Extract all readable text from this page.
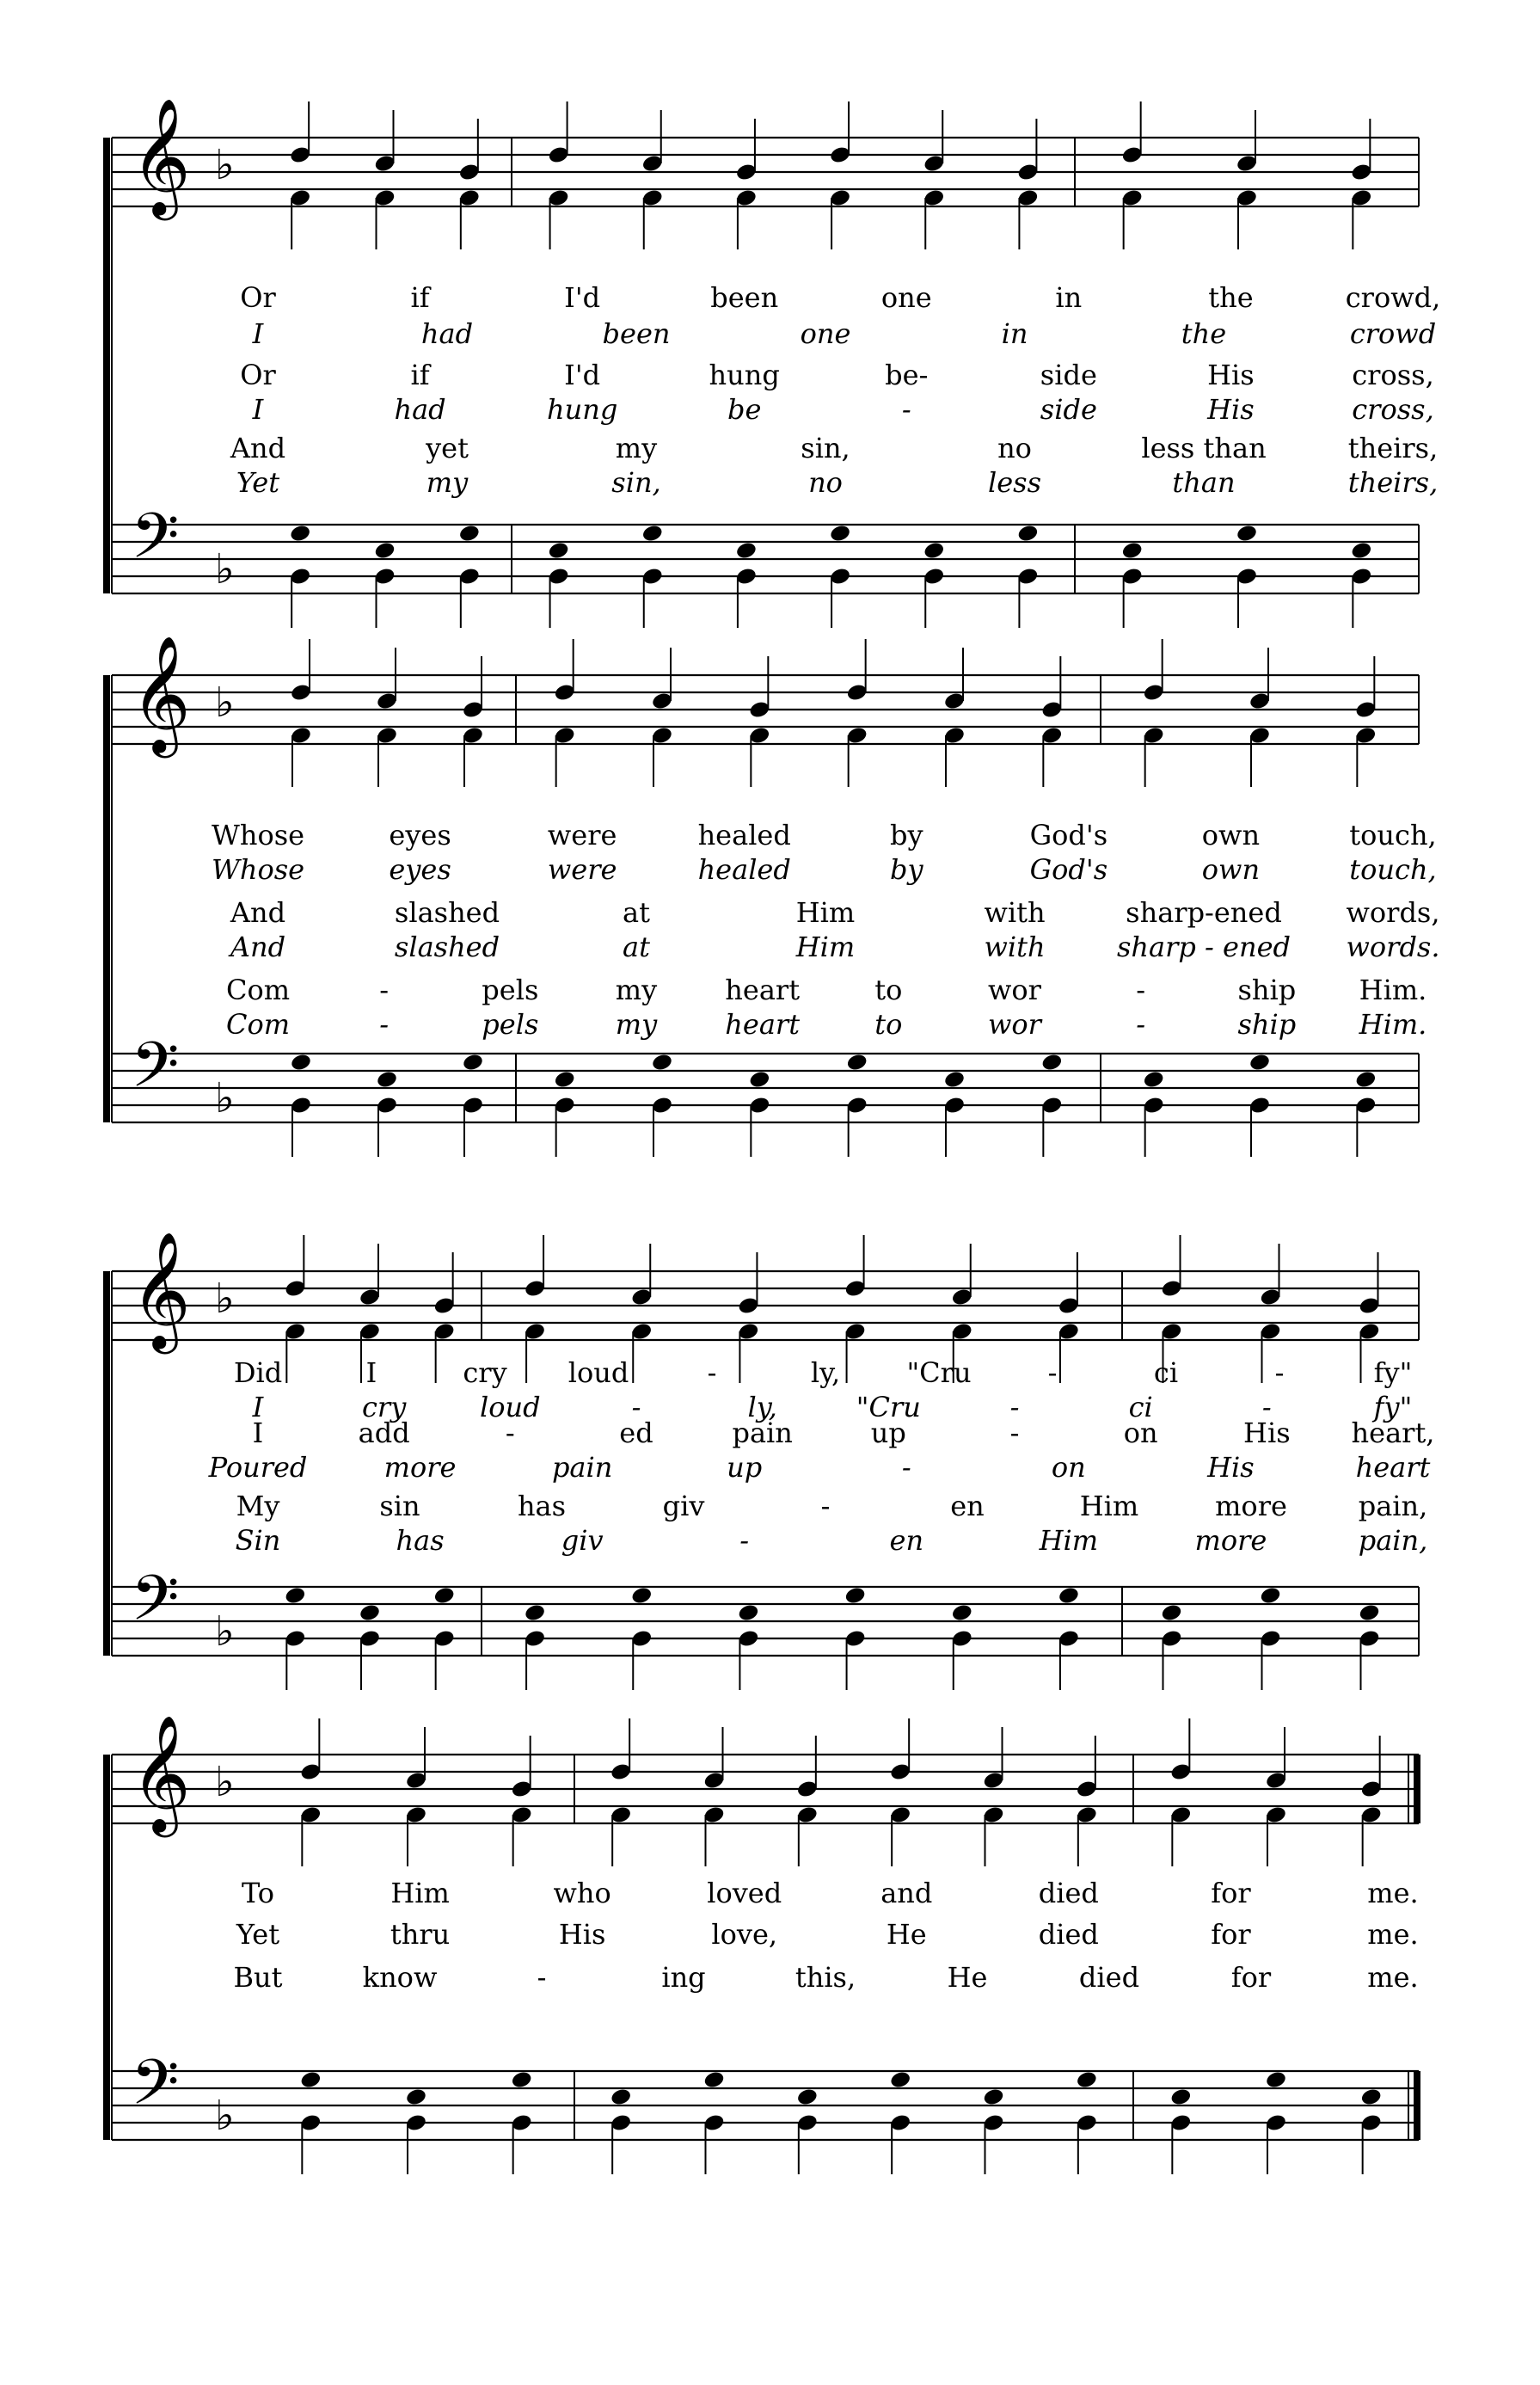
𝄞
𝄢
♭
♭
𝄞
𝄢
♭
♭
𝄞
𝄢
♭
♭
𝄞
𝄢
♭
♭
Or	if	I'd	been	one	in	the	crowd,
I	had	been	one	in	the	crowd
Or	if	I'd	hung	be-	side	His	cross,
I	had	hung	be	-	side	His	cross,
And	yet	my	sin,	no	less than	theirs,
Yet	my	sin,	no	less	than	theirs,
Whose	eyes	were	healed	by	God's	own	touch,
Whose	eyes	were	healed	by	God's	own	touch,
And	slashed	at	Him	with	sharp-ened words,
And	slashed	at	Him	with	sharp - ened words.
Com	-	pels	my heart	to	wor	-	ship Him.
Com	-	pels	my heart	to	wor	-	ship Him.
Did	I	cry loud	-	ly, "Cru	-	ci	-	fy"
I	cry	loud	-	ly,	"Cru	-	ci	-	fy"
I	add	-	ed	pain	up	-	on	His heart,
Poured	more	pain	up	-	on	His	heart
My	sin	has	giv	-	en	Him	more	pain,
Sin	has	giv	-	en	Him	more	pain,
To	Him	who	loved	and	died	for	me.
Yet	thru	His	love,	He	died	for	me.
But	know	-	ing	this,	He	died	for	me.
